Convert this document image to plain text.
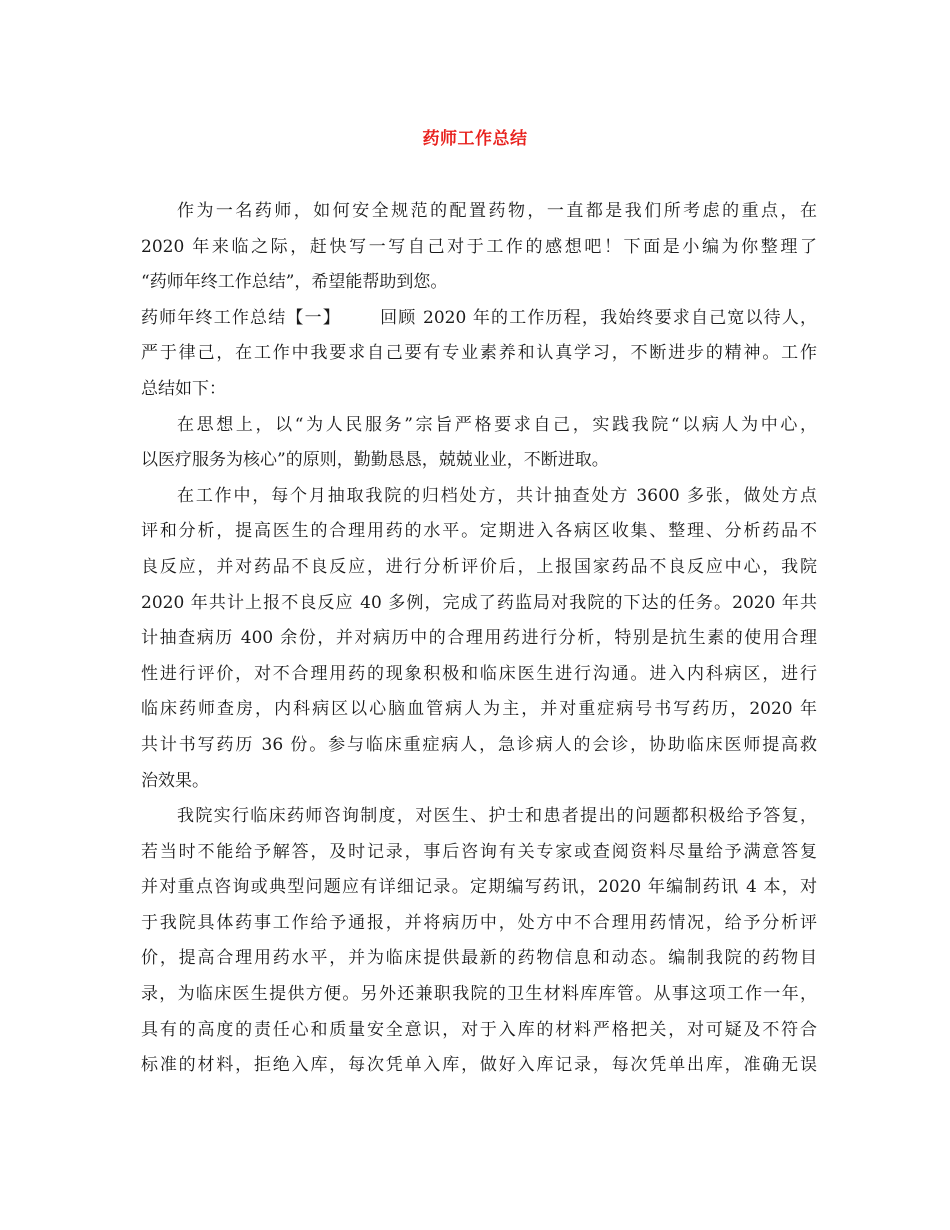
药师工作总结
作为一名药师，如何安全规范的配置药物，一直都是我们所考虑的重点，在
2020 年来临之际，赶快写一写自己对于工作的感想吧！下面是小编为你整理了
“药师年终工作总结”，希望能帮助到您。
药师年终工作总结【一】 回顾 2020 年的工作历程，我始终要求自己宽以待人，
严于律己，在工作中我要求自己要有专业素养和认真学习，不断进步的精神。工作
总结如下：
在思想上，以“为人民服务”宗旨严格要求自己，实践我院“以病人为中心，
以医疗服务为核心”的原则，勤勤恳恳，兢兢业业，不断进取。
在工作中，每个月抽取我院的归档处方，共计抽查处方 3600 多张，做处方点
评和分析，提高医生的合理用药的水平。定期进入各病区收集、整理、分析药品不
良反应，并对药品不良反应，进行分析评价后，上报国家药品不良反应中心，我院
2020 年共计上报不良反应 40 多例，完成了药监局对我院的下达的任务。2020 年共
计抽查病历 400 余份，并对病历中的合理用药进行分析，特别是抗生素的使用合理
性进行评价，对不合理用药的现象积极和临床医生进行沟通。进入内科病区，进行
临床药师查房，内科病区以心脑血管病人为主，并对重症病号书写药历，2020 年
共计书写药历 36 份。参与临床重症病人，急诊病人的会诊，协助临床医师提高救
治效果。
我院实行临床药师咨询制度，对医生、护士和患者提出的问题都积极给予答复，
若当时不能给予解答，及时记录，事后咨询有关专家或查阅资料尽量给予满意答复
并对重点咨询或典型问题应有详细记录。定期编写药讯，2020 年编制药讯 4 本，对
于我院具体药事工作给予通报，并将病历中，处方中不合理用药情况，给予分析评
价，提高合理用药水平，并为临床提供最新的药物信息和动态。编制我院的药物目
录，为临床医生提供方便。另外还兼职我院的卫生材料库库管。从事这项工作一年，
具有的高度的责任心和质量安全意识，对于入库的材料严格把关，对可疑及不符合
标准的材料，拒绝入库，每次凭单入库，做好入库记录，每次凭单出库，准确无误
